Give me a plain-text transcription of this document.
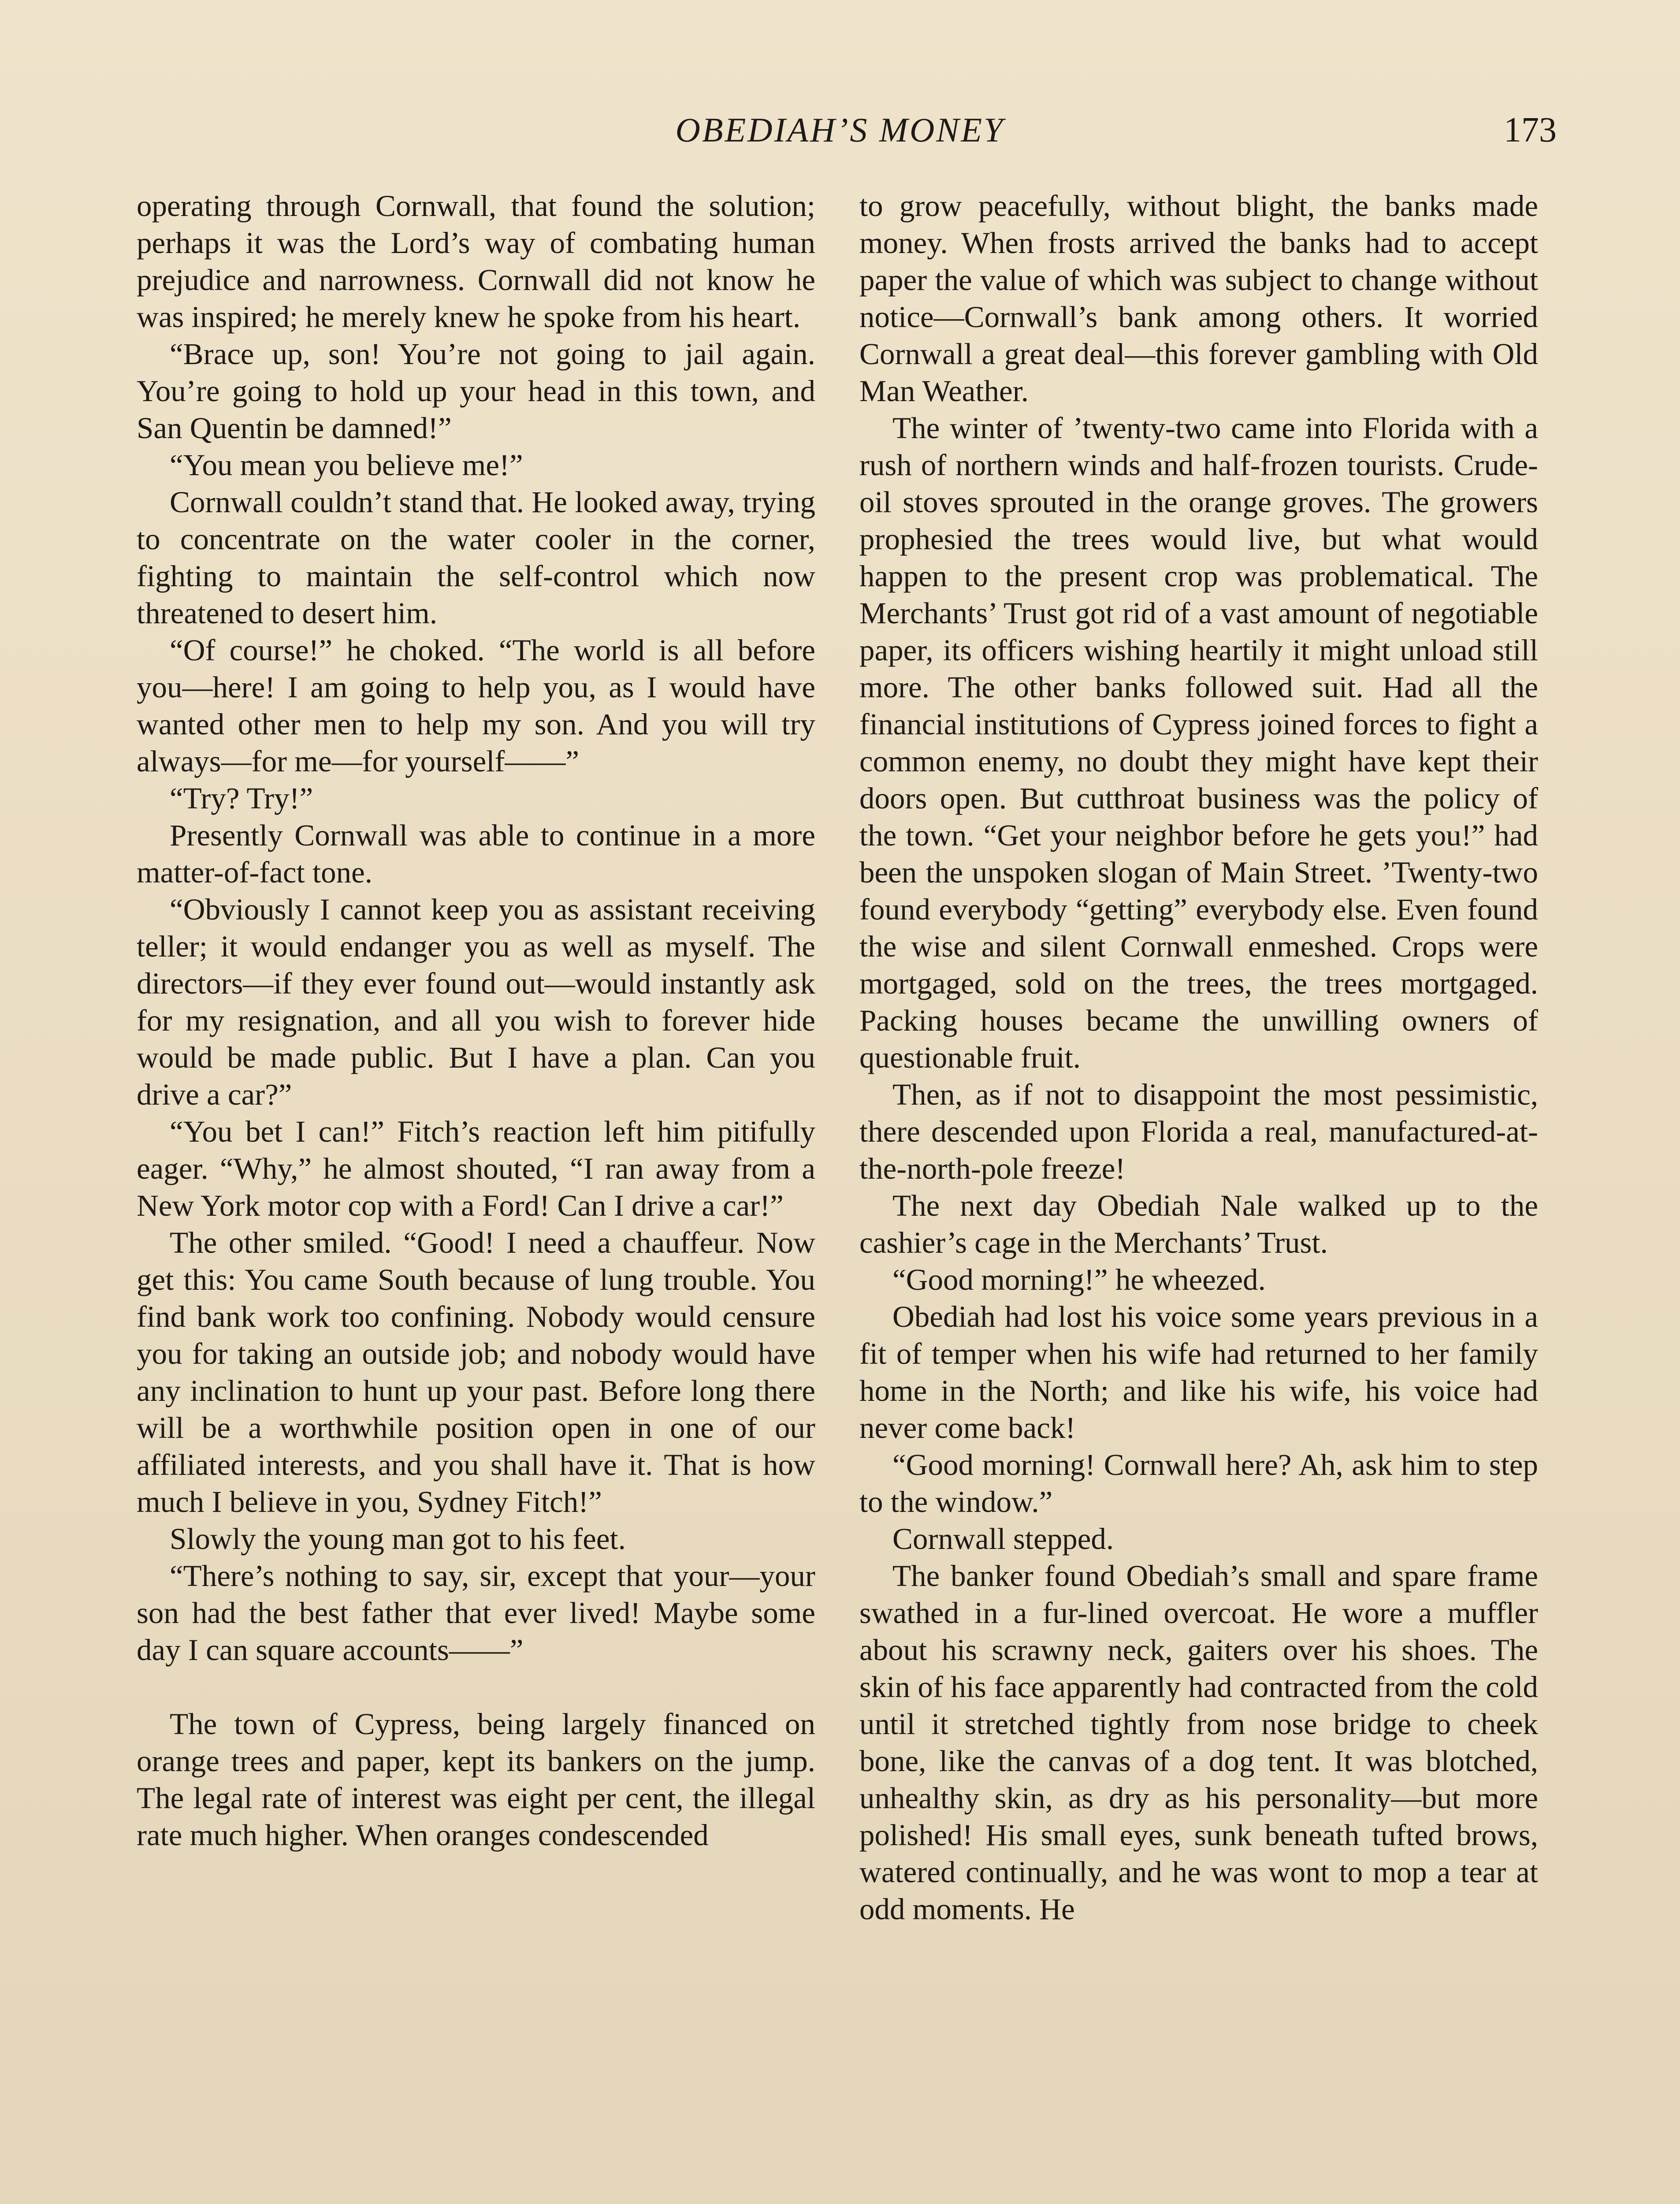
OBEDIAH’S MONEY	173

operating through Cornwall, that found the solution; perhaps it was the Lord’s way of combating human prejudice and narrowness. Cornwall did not know he was inspired; he merely knew he spoke from his heart.

“Brace up, son! You’re not going to jail again. You’re going to hold up your head in this town, and San Quentin be damned!”

“You mean you believe me!”

Cornwall couldn’t stand that. He looked away, trying to concentrate on the water cooler in the corner, fighting to maintain the self-control which now threatened to desert him.

“Of course!” he choked. “The world is all before you—here! I am going to help you, as I would have wanted other men to help my son. And you will try always—for me—for yourself——”

“Try? Try!”

Presently Cornwall was able to continue in a more matter-of-fact tone.

“Obviously I cannot keep you as assistant receiving teller; it would endanger you as well as myself. The directors—if they ever found out—would instantly ask for my resignation, and all you wish to forever hide would be made public. But I have a plan. Can you drive a car?”

“You bet I can!” Fitch’s reaction left him pitifully eager. “Why,” he almost shouted, “I ran away from a New York motor cop with a Ford! Can I drive a car!”

The other smiled. “Good! I need a chauffeur. Now get this: You came South because of lung trouble. You find bank work too confining. Nobody would censure you for taking an outside job; and nobody would have any inclination to hunt up your past. Before long there will be a worthwhile position open in one of our affiliated interests, and you shall have it. That is how much I believe in you, Sydney Fitch!”

Slowly the young man got to his feet.

“There’s nothing to say, sir, except that your—your son had the best father that ever lived! Maybe some day I can square accounts——”

The town of Cypress, being largely financed on orange trees and paper, kept its bankers on the jump. The legal rate of interest was eight per cent, the illegal rate much higher. When oranges condescended

to grow peacefully, without blight, the banks made money. When frosts arrived the banks had to accept paper the value of which was subject to change without notice—Cornwall’s bank among others. It worried Cornwall a great deal—this forever gambling with Old Man Weather.

The winter of ’twenty-two came into Florida with a rush of northern winds and half-frozen tourists. Crude-oil stoves sprouted in the orange groves. The growers prophesied the trees would live, but what would happen to the present crop was problematical. The Merchants’ Trust got rid of a vast amount of negotiable paper, its officers wishing heartily it might unload still more. The other banks followed suit. Had all the financial institutions of Cypress joined forces to fight a common enemy, no doubt they might have kept their doors open. But cutthroat business was the policy of the town. “Get your neighbor before he gets you!” had been the unspoken slogan of Main Street. ’Twenty-two found everybody “getting” everybody else. Even found the wise and silent Cornwall enmeshed. Crops were mortgaged, sold on the trees, the trees mortgaged. Packing houses became the unwilling owners of questionable fruit.

Then, as if not to disappoint the most pessimistic, there descended upon Florida a real, manufactured-at-the-north-pole freeze!

The next day Obediah Nale walked up to the cashier’s cage in the Merchants’ Trust.

“Good morning!” he wheezed.

Obediah had lost his voice some years previous in a fit of temper when his wife had returned to her family home in the North; and like his wife, his voice had never come back!

“Good morning! Cornwall here? Ah, ask him to step to the window.”

Cornwall stepped.

The banker found Obediah’s small and spare frame swathed in a fur-lined overcoat. He wore a muffler about his scrawny neck, gaiters over his shoes. The skin of his face apparently had contracted from the cold until it stretched tightly from nose bridge to cheek bone, like the canvas of a dog tent. It was blotched, unhealthy skin, as dry as his personality—but more polished! His small eyes, sunk beneath tufted brows, watered continually, and he was wont to mop a tear at odd moments. He
